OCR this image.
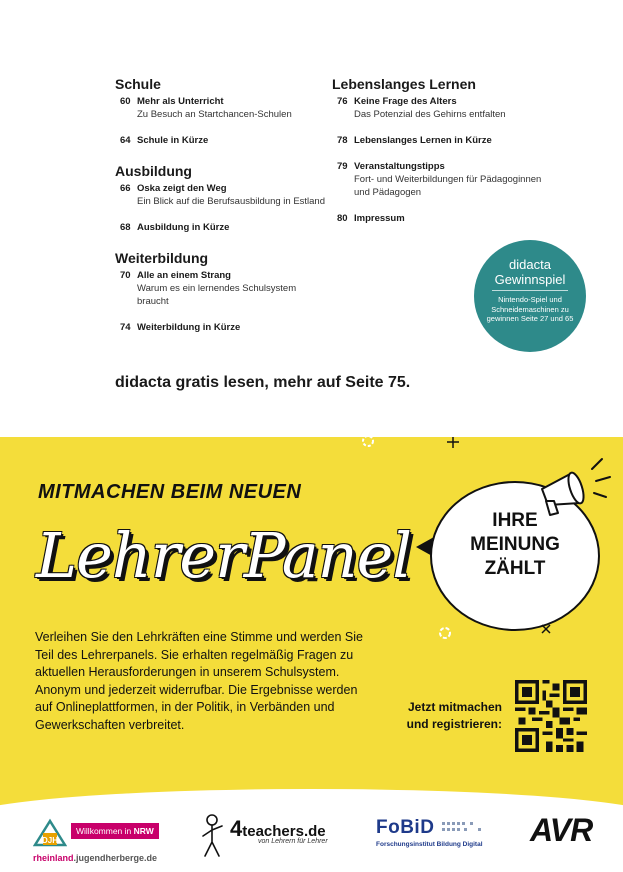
Schule
60 Mehr als Unterricht
Zu Besuch an Startchancen-Schulen
64 Schule in Kürze
Ausbildung
66 Oska zeigt den Weg
Ein Blick auf die Berufsausbildung in Estland
68 Ausbildung in Kürze
Weiterbildung
70 Alle an einem Strang
Warum es ein lernendes Schulsystem braucht
74 Weiterbildung in Kürze
Lebenslanges Lernen
76 Keine Frage des Alters
Das Potenzial des Gehirns entfalten
78 Lebenslanges Lernen in Kürze
79 Veranstaltungstipps
Fort- und Weiterbildungen für Pädagoginnen und Pädagogen
80 Impressum
didacta
Gewinnspiel
Nintendo-Spiel und Schneidemaschinen zu gewinnen Seite 27 und 65
didacta gratis lesen, mehr auf Seite 75.
MITMACHEN BEIM NEUEN
LehrerPanel	IHRE
MEINUNG
ZÄHLT
Verleihen Sie den Lehrkräften eine Stimme und werden Sie Teil des Lehrerpanels. Sie erhalten regelmäßig Fragen zu aktuellen Herausforderungen in unserem Schulsystem. Anonym und jederzeit widerrufbar. Die Ergebnisse werden auf Onlineplattformen, in der Politik, in Verbänden und Gewerkschaften verbreitet.
Jetzt mitmachen
und registrieren:
DJH
Willkommen in NRW
rheinland.jugendherberge.de
4teachers.de
von Lehrern für Lehrer
FoBiD
Forschungsinstitut Bildung Digital AVR
